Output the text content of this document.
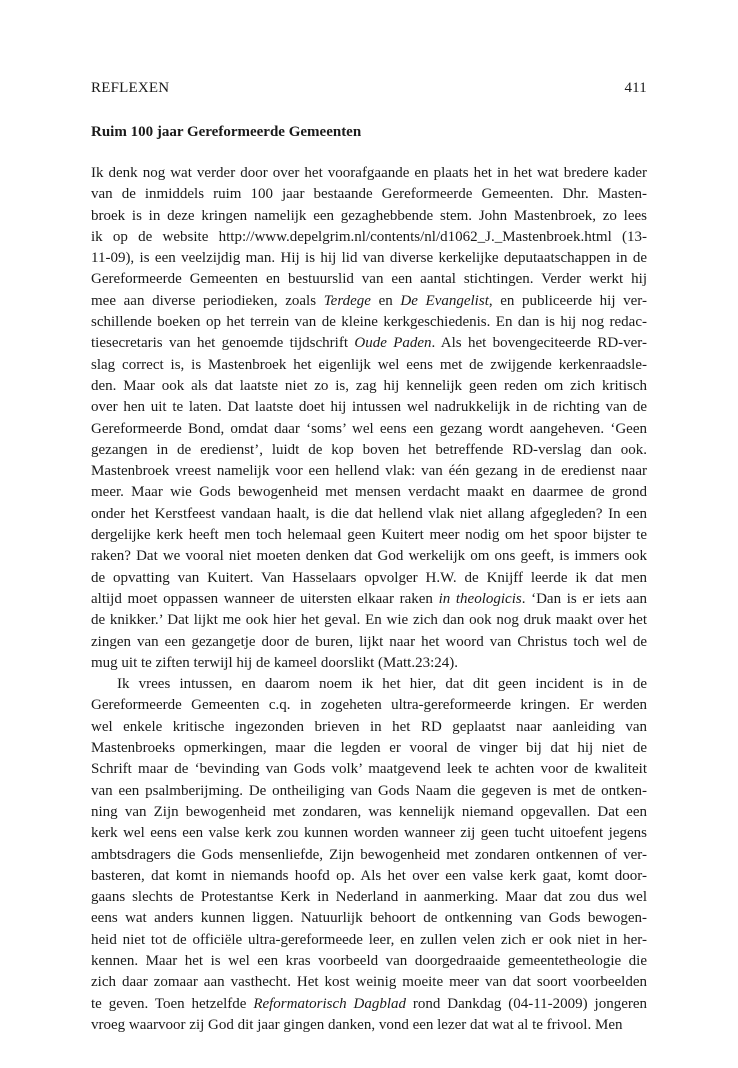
REFLEXEN	411
Ruim 100 jaar Gereformeerde Gemeenten
Ik denk nog wat verder door over het voorafgaande en plaats het in het wat bredere kader
van de inmiddels ruim 100 jaar bestaande Gereformeerde Gemeenten. Dhr. Masten-
broek is in deze kringen namelijk een gezaghebbende stem. John Mastenbroek, zo lees
ik op de website http://www.depelgrim.nl/contents/nl/d1062_J._Mastenbroek.html (13-
11-09), is een veelzijdig man. Hij is hij lid van diverse kerkelijke deputaatschappen in de
Gereformeerde Gemeenten en bestuurslid van een aantal stichtingen. Verder werkt hij
mee aan diverse periodieken, zoals Terdege en De Evangelist, en publiceerde hij ver-
schillende boeken op het terrein van de kleine kerkgeschiedenis. En dan is hij nog redac-
tiesecretaris van het genoemde tijdschrift Oude Paden. Als het bovengeciteerde RD-ver-
slag correct is, is Mastenbroek het eigenlijk wel eens met de zwijgende kerkenraadsle-
den. Maar ook als dat laatste niet zo is, zag hij kennelijk geen reden om zich kritisch
over hen uit te laten. Dat laatste doet hij intussen wel nadrukkelijk in de richting van de
Gereformeerde Bond, omdat daar ‘soms’ wel eens een gezang wordt aangeheven. ‘Geen
gezangen in de eredienst’, luidt de kop boven het betreffende RD-verslag dan ook.
Mastenbroek vreest namelijk voor een hellend vlak: van één gezang in de eredienst naar
meer. Maar wie Gods bewogenheid met mensen verdacht maakt en daarmee de grond
onder het Kerstfeest vandaan haalt, is die dat hellend vlak niet allang afgegleden? In een
dergelijke kerk heeft men toch helemaal geen Kuitert meer nodig om het spoor bijster te
raken? Dat we vooral niet moeten denken dat God werkelijk om ons geeft, is immers ook
de opvatting van Kuitert. Van Hasselaars opvolger H.W. de Knijff leerde ik dat men
altijd moet oppassen wanneer de uitersten elkaar raken in theologicis. ‘Dan is er iets aan
de knikker.’ Dat lijkt me ook hier het geval. En wie zich dan ook nog druk maakt over het
zingen van een gezangetje door de buren, lijkt naar het woord van Christus toch wel de
mug uit te ziften terwijl hij de kameel doorslikt (Matt.23:24).
Ik vrees intussen, en daarom noem ik het hier, dat dit geen incident is in de
Gereformeerde Gemeenten c.q. in zogeheten ultra-gereformeerde kringen. Er werden
wel enkele kritische ingezonden brieven in het RD geplaatst naar aanleiding van
Mastenbroeks opmerkingen, maar die legden er vooral de vinger bij dat hij niet de
Schrift maar de ‘bevinding van Gods volk’ maatgevend leek te achten voor de kwaliteit
van een psalmberijming. De ontheiliging van Gods Naam die gegeven is met de ontken-
ning van Zijn bewogenheid met zondaren, was kennelijk niemand opgevallen. Dat een
kerk wel eens een valse kerk zou kunnen worden wanneer zij geen tucht uitoefent jegens
ambtsdragers die Gods mensenliefde, Zijn bewogenheid met zondaren ontkennen of ver-
basteren, dat komt in niemands hoofd op. Als het over een valse kerk gaat, komt door-
gaans slechts de Protestantse Kerk in Nederland in aanmerking. Maar dat zou dus wel
eens wat anders kunnen liggen. Natuurlijk behoort de ontkenning van Gods bewogen-
heid niet tot de officiële ultra-gereformeede leer, en zullen velen zich er ook niet in her-
kennen. Maar het is wel een kras voorbeeld van doorgedraaide gemeentetheologie die
zich daar zomaar aan vasthecht. Het kost weinig moeite meer van dat soort voorbeelden
te geven. Toen hetzelfde Reformatorisch Dagblad rond Dankdag (04-11-2009) jongeren
vroeg waarvoor zij God dit jaar gingen danken, vond een lezer dat wat al te frivool. Men
